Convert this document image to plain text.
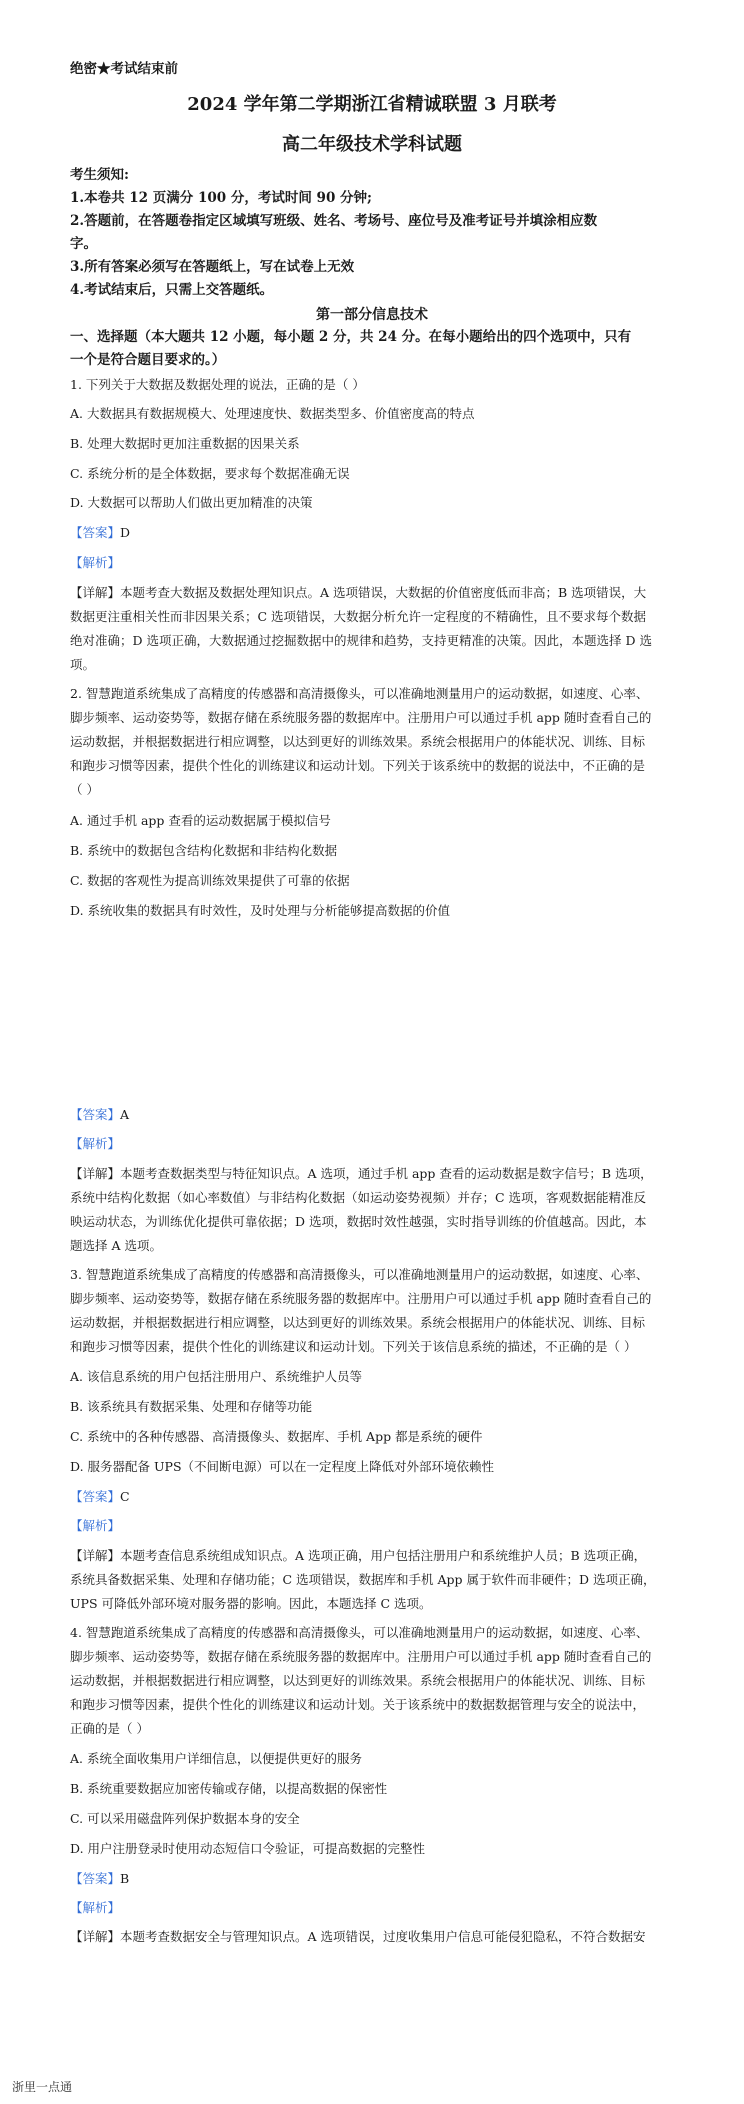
绝密★考试结束前
2024 学年第二学期浙江省精诚联盟 3 月联考
高二年级技术学科试题
考生须知:
1.本卷共 12 页满分 100 分，考试时间 90 分钟;
2.答题前，在答题卷指定区域填写班级、姓名、考场号、座位号及准考证号并填涂相应数
字。
3.所有答案必须写在答题纸上，写在试卷上无效
4.考试结束后，只需上交答题纸。
第一部分信息技术
一、选择题（本大题共 12 小题，每小题 2 分，共 24 分。在每小题给出的四个选项中，只有
一个是符合题目要求的。）
1. 下列关于大数据及数据处理的说法，正确的是（ ）
A. 大数据具有数据规模大、处理速度快、数据类型多、价值密度高的特点
B. 处理大数据时更加注重数据的因果关系
C. 系统分析的是全体数据，要求每个数据准确无误
D. 大数据可以帮助人们做出更加精准的决策
【答案】D
【解析】
【详解】本题考查大数据及数据处理知识点。A 选项错误，大数据的价值密度低而非高；B 选项错误，大
数据更注重相关性而非因果关系；C 选项错误，大数据分析允许一定程度的不精确性，且不要求每个数据
绝对准确；D 选项正确，大数据通过挖掘数据中的规律和趋势，支持更精准的决策。因此，本题选择 D 选
项。
2. 智慧跑道系统集成了高精度的传感器和高清摄像头，可以准确地测量用户的运动数据，如速度、心率、
脚步频率、运动姿势等，数据存储在系统服务器的数据库中。注册用户可以通过手机 app 随时查看自己的
运动数据，并根据数据进行相应调整，以达到更好的训练效果。系统会根据用户的体能状况、训练、目标
和跑步习惯等因素，提供个性化的训练建议和运动计划。下列关于该系统中的数据的说法中，不正确的是
（ ）
A. 通过手机 app 查看的运动数据属于模拟信号
B. 系统中的数据包含结构化数据和非结构化数据
C. 数据的客观性为提高训练效果提供了可靠的依据
D. 系统收集的数据具有时效性，及时处理与分析能够提高数据的价值
【答案】A
【解析】
【详解】本题考查数据类型与特征知识点。A 选项，通过手机 app 查看的运动数据是数字信号；B 选项，
系统中结构化数据（如心率数值）与非结构化数据（如运动姿势视频）并存；C 选项，客观数据能精准反
映运动状态，为训练优化提供可靠依据；D 选项，数据时效性越强，实时指导训练的价值越高。因此，本
题选择 A 选项。
3. 智慧跑道系统集成了高精度的传感器和高清摄像头，可以准确地测量用户的运动数据，如速度、心率、
脚步频率、运动姿势等，数据存储在系统服务器的数据库中。注册用户可以通过手机 app 随时查看自己的
运动数据，并根据数据进行相应调整，以达到更好的训练效果。系统会根据用户的体能状况、训练、目标
和跑步习惯等因素，提供个性化的训练建议和运动计划。下列关于该信息系统的描述，不正确的是（ ）
A. 该信息系统的用户包括注册用户、系统维护人员等
B. 该系统具有数据采集、处理和存储等功能
C. 系统中的各种传感器、高清摄像头、数据库、手机 App 都是系统的硬件
D. 服务器配备 UPS（不间断电源）可以在一定程度上降低对外部环境依赖性
【答案】C
【解析】
【详解】本题考查信息系统组成知识点。A 选项正确，用户包括注册用户和系统维护人员；B 选项正确，
系统具备数据采集、处理和存储功能；C 选项错误，数据库和手机 App 属于软件而非硬件；D 选项正确，
UPS 可降低外部环境对服务器的影响。因此，本题选择 C 选项。
4. 智慧跑道系统集成了高精度的传感器和高清摄像头，可以准确地测量用户的运动数据，如速度、心率、
脚步频率、运动姿势等，数据存储在系统服务器的数据库中。注册用户可以通过手机 app 随时查看自己的
运动数据，并根据数据进行相应调整，以达到更好的训练效果。系统会根据用户的体能状况、训练、目标
和跑步习惯等因素，提供个性化的训练建议和运动计划。关于该系统中的数据数据管理与安全的说法中，
正确的是（ ）
A. 系统全面收集用户详细信息，以便提供更好的服务
B. 系统重要数据应加密传输或存储，以提高数据的保密性
C. 可以采用磁盘阵列保护数据本身的安全
D. 用户注册登录时使用动态短信口令验证，可提高数据的完整性
【答案】B
【解析】
【详解】本题考查数据安全与管理知识点。A 选项错误，过度收集用户信息可能侵犯隐私，不符合数据安
浙里一点通
